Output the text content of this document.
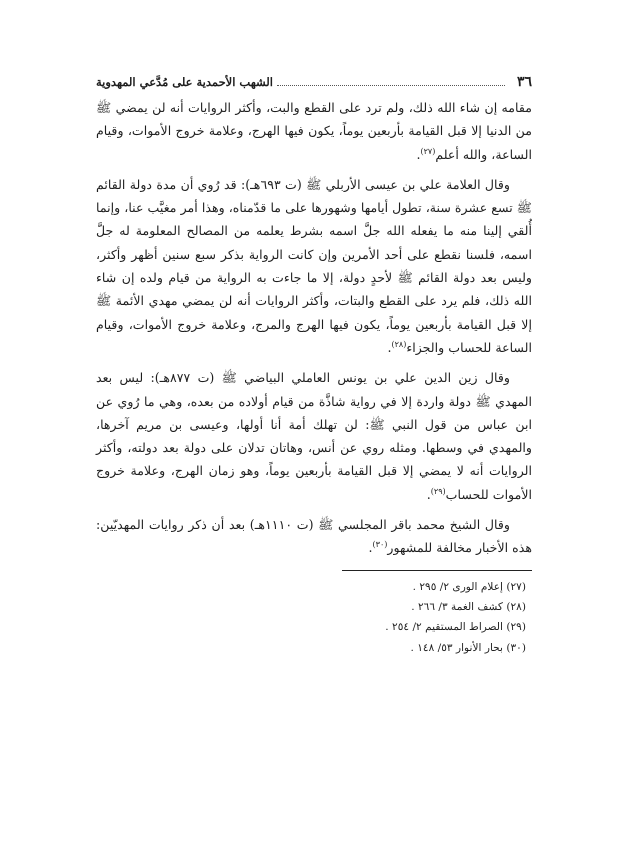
٣٦
الشهب الأحمدية على مُدَّعي المهدوية

مقامه إن شاء الله ذلك، ولم ترد على القطع والبت، وأكثر الروايات أنه لن يمضي ﷺ من الدنيا إلا قبل القيامة بأربعين يوماً، يكون فيها الهرج، وعلامة خروج الأموات، وقيام الساعة، والله أعلم$^{(٢٧)}$.

وقال العلامة علي بن عيسى الأربلي ﷺ (ت ٦٩٣هـ): قد رُوي أن مدة دولة القائم ﷺ تسع عشرة سنة، تطول أيامها وشهورها على ما قدّمناه، وهذا أمر مغيَّب عنا، وإنما أُلقي إلينا منه ما يفعله الله جلَّ اسمه بشرط يعلمه من المصالح المعلومة له جلَّ اسمه، فلسنا نقطع على أحد الأمرين وإن كانت الرواية بذكر سبع سنين أظهر وأكثر، وليس بعد دولة القائم ﷺ لأحدٍ دولة، إلا ما جاءت به الرواية من قيام ولده إن شاء الله ذلك، فلم يرد على القطع والبتات، وأكثر الروايات أنه لن يمضي مهدي الأئمة ﷺ إلا قبل القيامة بأربعين يوماً، يكون فيها الهرج والمرج، وعلامة خروج الأموات، وقيام الساعة للحساب والجزاء$^{(٢٨)}$.

وقال زين الدين علي بن يونس العاملي البياضي ﷺ (ت ٨٧٧هـ): ليس بعد المهدي ﷺ دولة واردة إلا في رواية شاذَّة من قيام أولاده من بعده، وهي ما رُوي عن ابن عباس من قول النبي ﷺ: لن تهلك أمة أنا أولها، وعيسى بن مريم آخرها، والمهدي في وسطها. ومثله روي عن أنس، وهاتان تدلان على دولة بعد دولته، وأكثر الروايات أنه لا يمضي إلا قبل القيامة بأربعين يوماً، وهو زمان الهرج، وعلامة خروج الأموات للحساب$^{(٢٩)}$.

وقال الشيخ محمد باقر المجلسي ﷺ (ت ١١١٠هـ) بعد أن ذكر روايات المهديّين: هذه الأخبار مخالفة للمشهور$^{(٣٠)}$.

(٢٧) إعلام الورى ٢/ ٢٩٥ .
(٢٨) كشف الغمة ٣/ ٢٦٦ .
(٢٩) الصراط المستقيم ٢/ ٢٥٤ .
(٣٠) بحار الأنوار ٥٣/ ١٤٨ .
